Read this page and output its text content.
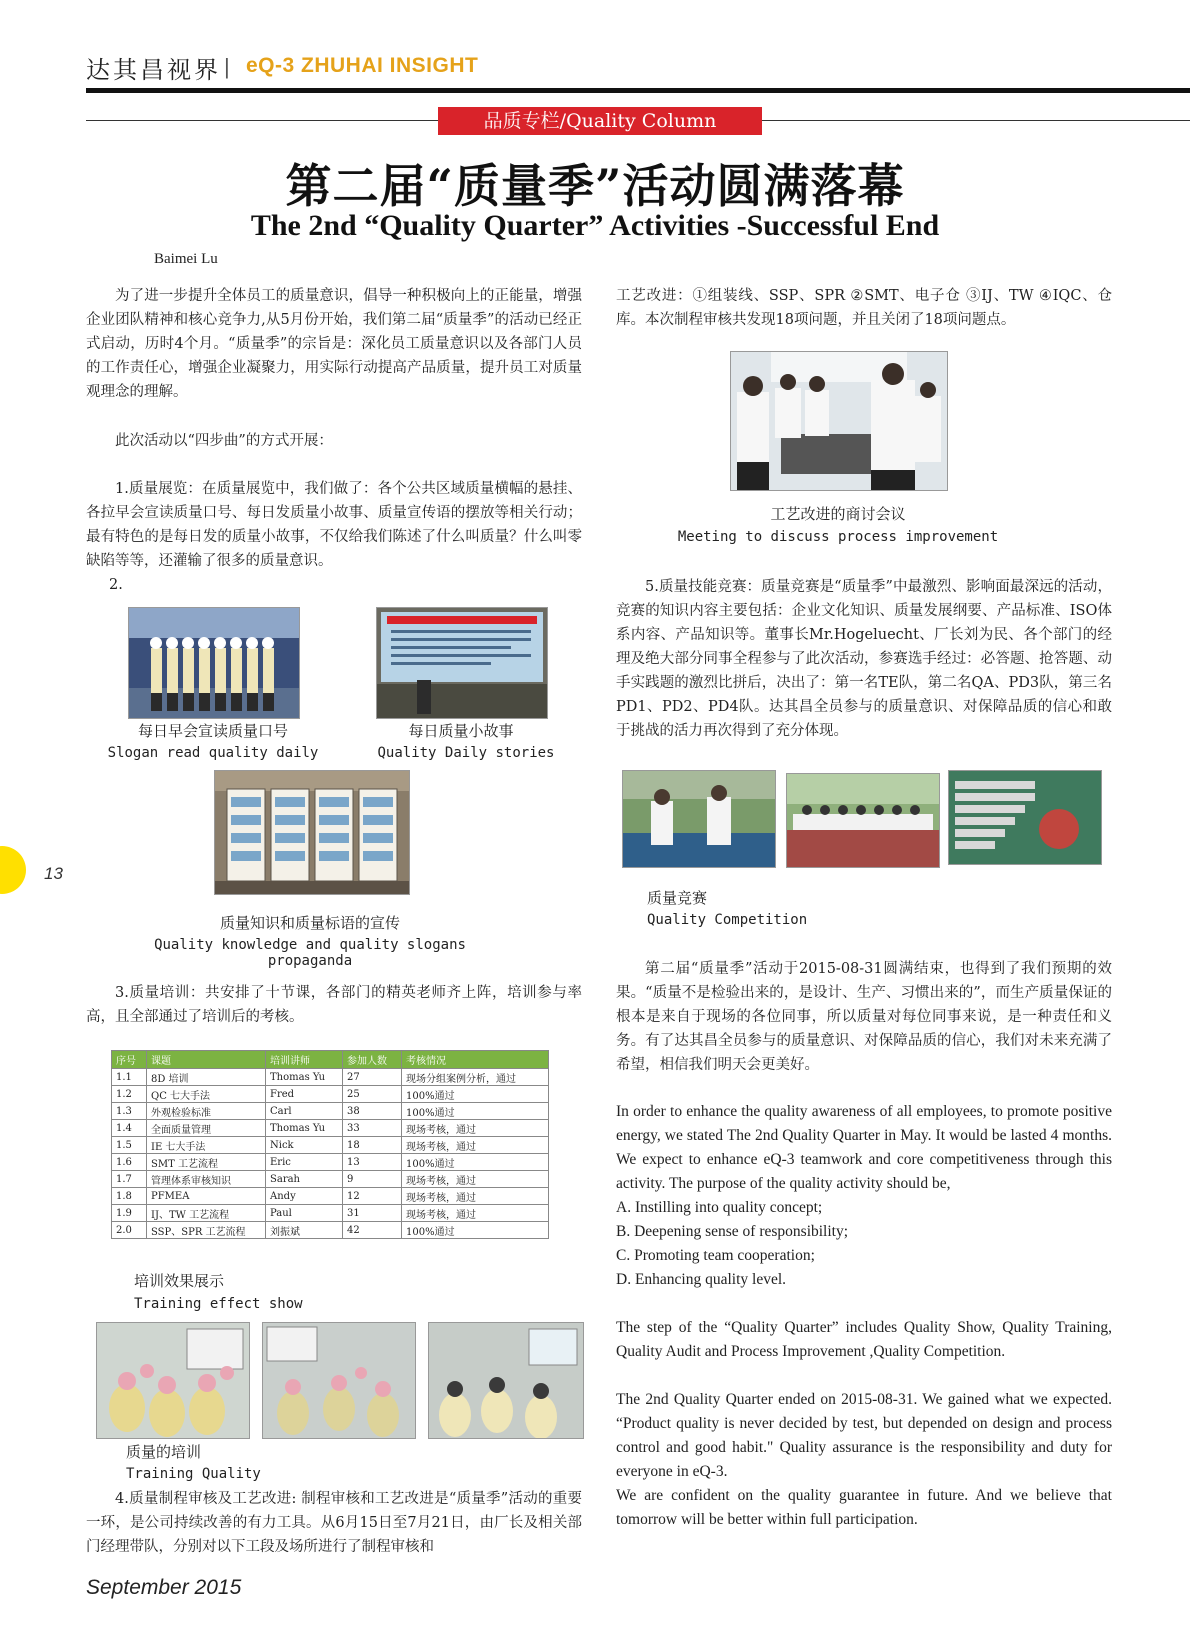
达其昌视界 | eQ-3 ZHUHAI INSIGHT
品质专栏/Quality Column
第二届“质量季”活动圆满落幕
The 2nd “Quality Quarter” Activities -Successful End
Baimei Lu
为了进一步提升全体员工的质量意识，倡导一种积极向上的正能量，增强企业团队精神和核心竞争力,从5月份开始，我们第二届“质量季”的活动已经正式启动，历时4个月。“质量季”的宗旨是：深化员工质量意识以及各部门人员的工作责任心，增强企业凝聚力，用实际行动提高产品质量，提升员工对质量观理念的理解。
此次活动以“四步曲”的方式开展：
1.质量展览：在质量展览中，我们做了：各个公共区域质量横幅的悬挂、各拉早会宣读质量口号、每日发质量小故事、质量宣传语的摆放等相关行动；最有特色的是每日发的质量小故事，不仅给我们陈述了什么叫质量？什么叫零缺陷等等，还灌输了很多的质量意识。
2.
每日早会宣读质量口号
Slogan read quality daily
每日质量小故事
Quality Daily stories
质量知识和质量标语的宣传
Quality knowledge and quality slogans propaganda
3.质量培训：共安排了十节课，各部门的精英老师齐上阵，培训参与率高，且全部通过了培训后的考核。
序号	课题	培训讲师	参加人数	考核情况
1.1	8D 培训	Thomas Yu	27	现场分组案例分析，通过
1.2	QC 七大手法	Fred	25	100%通过
1.3	外观检验标准	Carl	38	100%通过
1.4	全面质量管理	Thomas Yu	33	现场考核，通过
1.5	IE 七大手法	Nick	18	现场考核，通过
1.6	SMT 工艺流程	Eric	13	100%通过
1.7	管理体系审核知识	Sarah	9	现场考核，通过
1.8	PFMEA	Andy	12	现场考核，通过
1.9	IJ、TW 工艺流程	Paul	31	现场考核，通过
2.0	SSP、SPR 工艺流程	刘振斌	42	100%通过
培训效果展示
Training effect show
质量的培训
Training Quality
4.质量制程审核及工艺改进: 制程审核和工艺改进是“质量季”活动的重要一环，是公司持续改善的有力工具。从6月15日至7月21日，由厂长及相关部门经理带队，分别对以下工段及场所进行了制程审核和
工艺改进：①组装线、SSP、SPR ②SMT、电子仓 ③IJ、TW ④IQC、仓库。本次制程审核共发现18项问题，并且关闭了18项问题点。
工艺改进的商讨会议
Meeting to discuss process improvement
5.质量技能竞赛：质量竞赛是“质量季”中最激烈、影响面最深远的活动，竞赛的知识内容主要包括：企业文化知识、质量发展纲要、产品标准、ISO体系内容、产品知识等。董事长Mr.Hogeluecht、厂长刘为民、各个部门的经理及绝大部分同事全程参与了此次活动，参赛选手经过：必答题、抢答题、动手实践题的激烈比拼后，决出了：第一名TE队，第二名QA、PD3队，第三名PD1、PD2、PD4队。达其昌全员参与的质量意识、对保障品质的信心和敢于挑战的活力再次得到了充分体现。
质量竞赛
Quality Competition
第二届“质量季”活动于2015-08-31圆满结束，也得到了我们预期的效果。“质量不是检验出来的，是设计、生产、习惯出来的”，而生产质量保证的根本是来自于现场的各位同事，所以质量对每位同事来说，是一种责任和义务。有了达其昌全员参与的质量意识、对保障品质的信心，我们对未来充满了希望，相信我们明天会更美好。

In order to enhance the quality awareness of all employees, to promote positive energy, we stated The 2nd Quality Quarter in May. It would be lasted 4 months. We expect to enhance eQ-3 teamwork and core competitiveness through this activity. The purpose of the quality activity should be,

A. Instilling into quality concept;

B. Deepening sense of responsibility;

C. Promoting team cooperation;

D. Enhancing quality level.

The step of the “Quality Quarter” includes Quality Show, Quality Training, Quality Audit and Process Improvement ,Quality Competition.

The 2nd Quality Quarter ended on 2015-08-31. We gained what we expected. “Product quality is never decided by test, but depended on design and process control and good habit." Quality assurance is the responsibility and duty for everyone in eQ-3.

We are confident on the quality guarantee in future. And we believe that tomorrow will be better within full participation.

13
September 2015
